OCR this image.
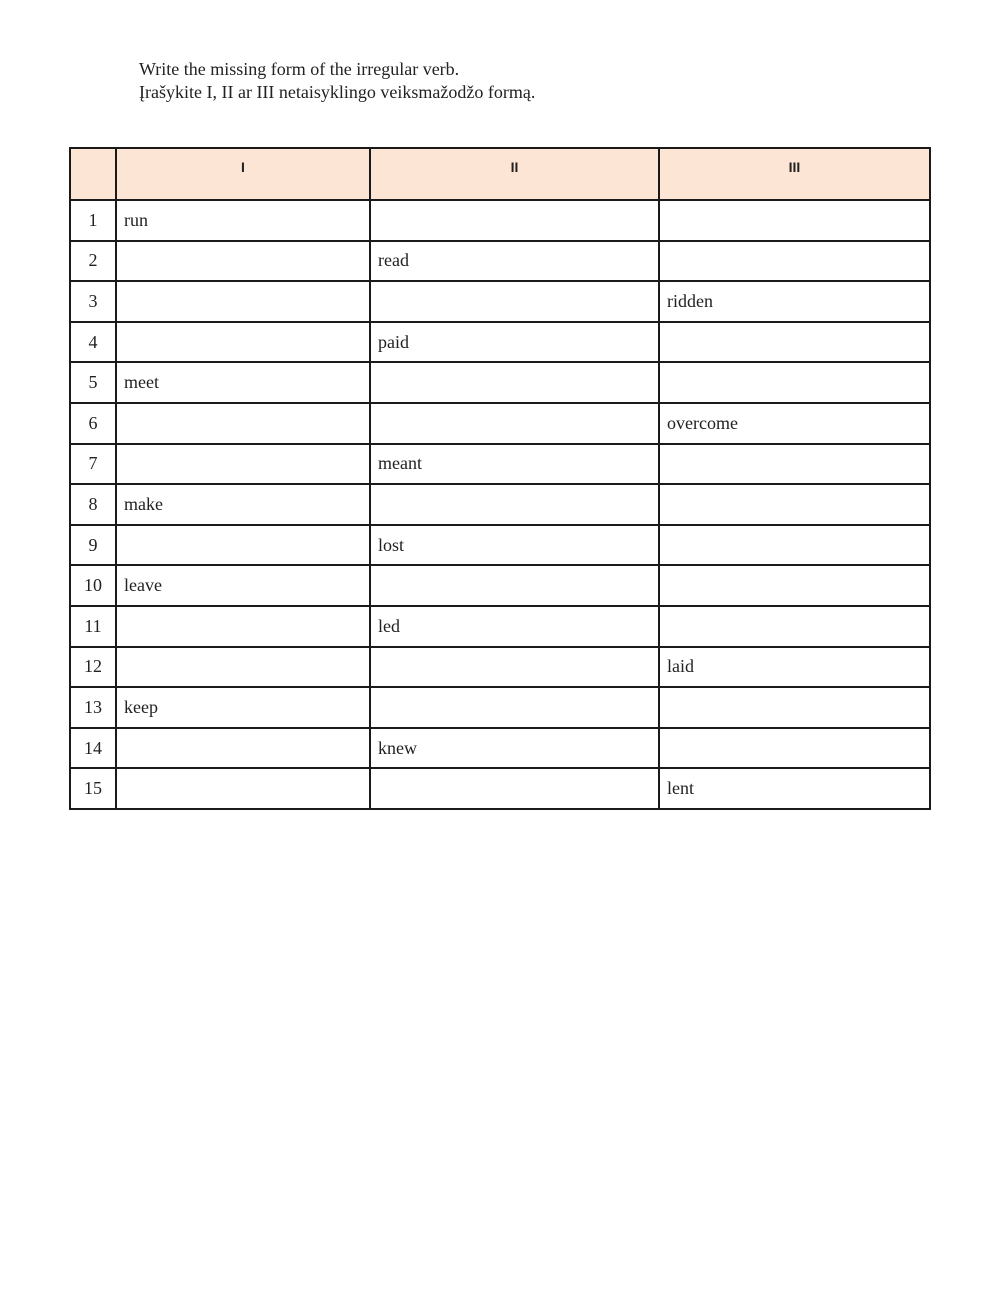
Write the missing form of the irregular verb.
Įrašykite I, II ar III netaisyklingo veiksmažodžo formą.
	I	II	III
1	run		
2		read	
3			ridden
4		paid	
5	meet		
6			overcome
7		meant	
8	make		
9		lost	
10	leave		
11		led	
12			laid
13	keep		
14		knew	
15			lent
